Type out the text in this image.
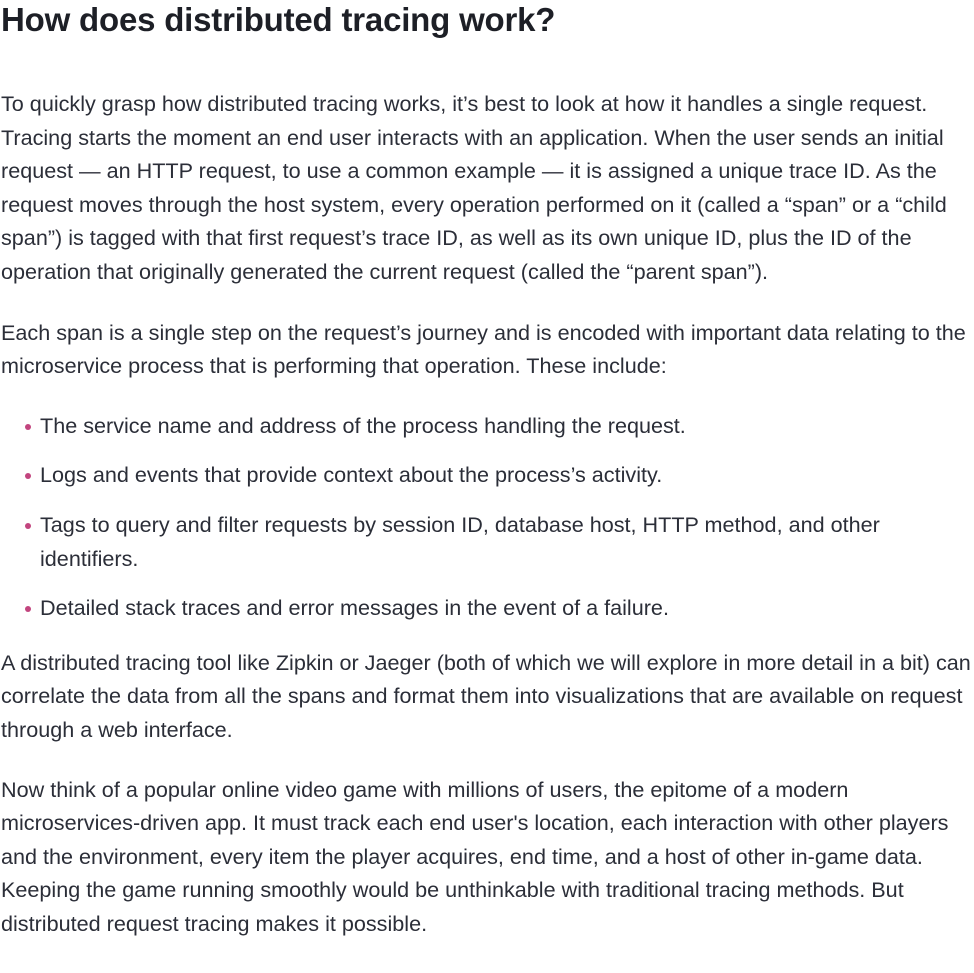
How does distributed tracing work?

To quickly grasp how distributed tracing works, it’s best to look at how it handles a single request. Tracing starts the moment an end user interacts with an application. When the user sends an initial request — an HTTP request, to use a common example — it is assigned a unique trace ID. As the request moves through the host system, every operation performed on it (called a “span” or a “child span”) is tagged with that first request’s trace ID, as well as its own unique ID, plus the ID of the operation that originally generated the current request (called the “parent span”).

Each span is a single step on the request’s journey and is encoded with important data relating to the microservice process that is performing that operation. These include:

The service name and address of the process handling the request.
Logs and events that provide context about the process’s activity.
Tags to query and filter requests by session ID, database host, HTTP method, and other identifiers.
Detailed stack traces and error messages in the event of a failure.

A distributed tracing tool like Zipkin or Jaeger (both of which we will explore in more detail in a bit) can correlate the data from all the spans and format them into visualizations that are available on request through a web interface.

Now think of a popular online video game with millions of users, the epitome of a modern microservices-driven app. It must track each end user's location, each interaction with other players and the environment, every item the player acquires, end time, and a host of other in-game data. Keeping the game running smoothly would be unthinkable with traditional tracing methods. But distributed request tracing makes it possible.
